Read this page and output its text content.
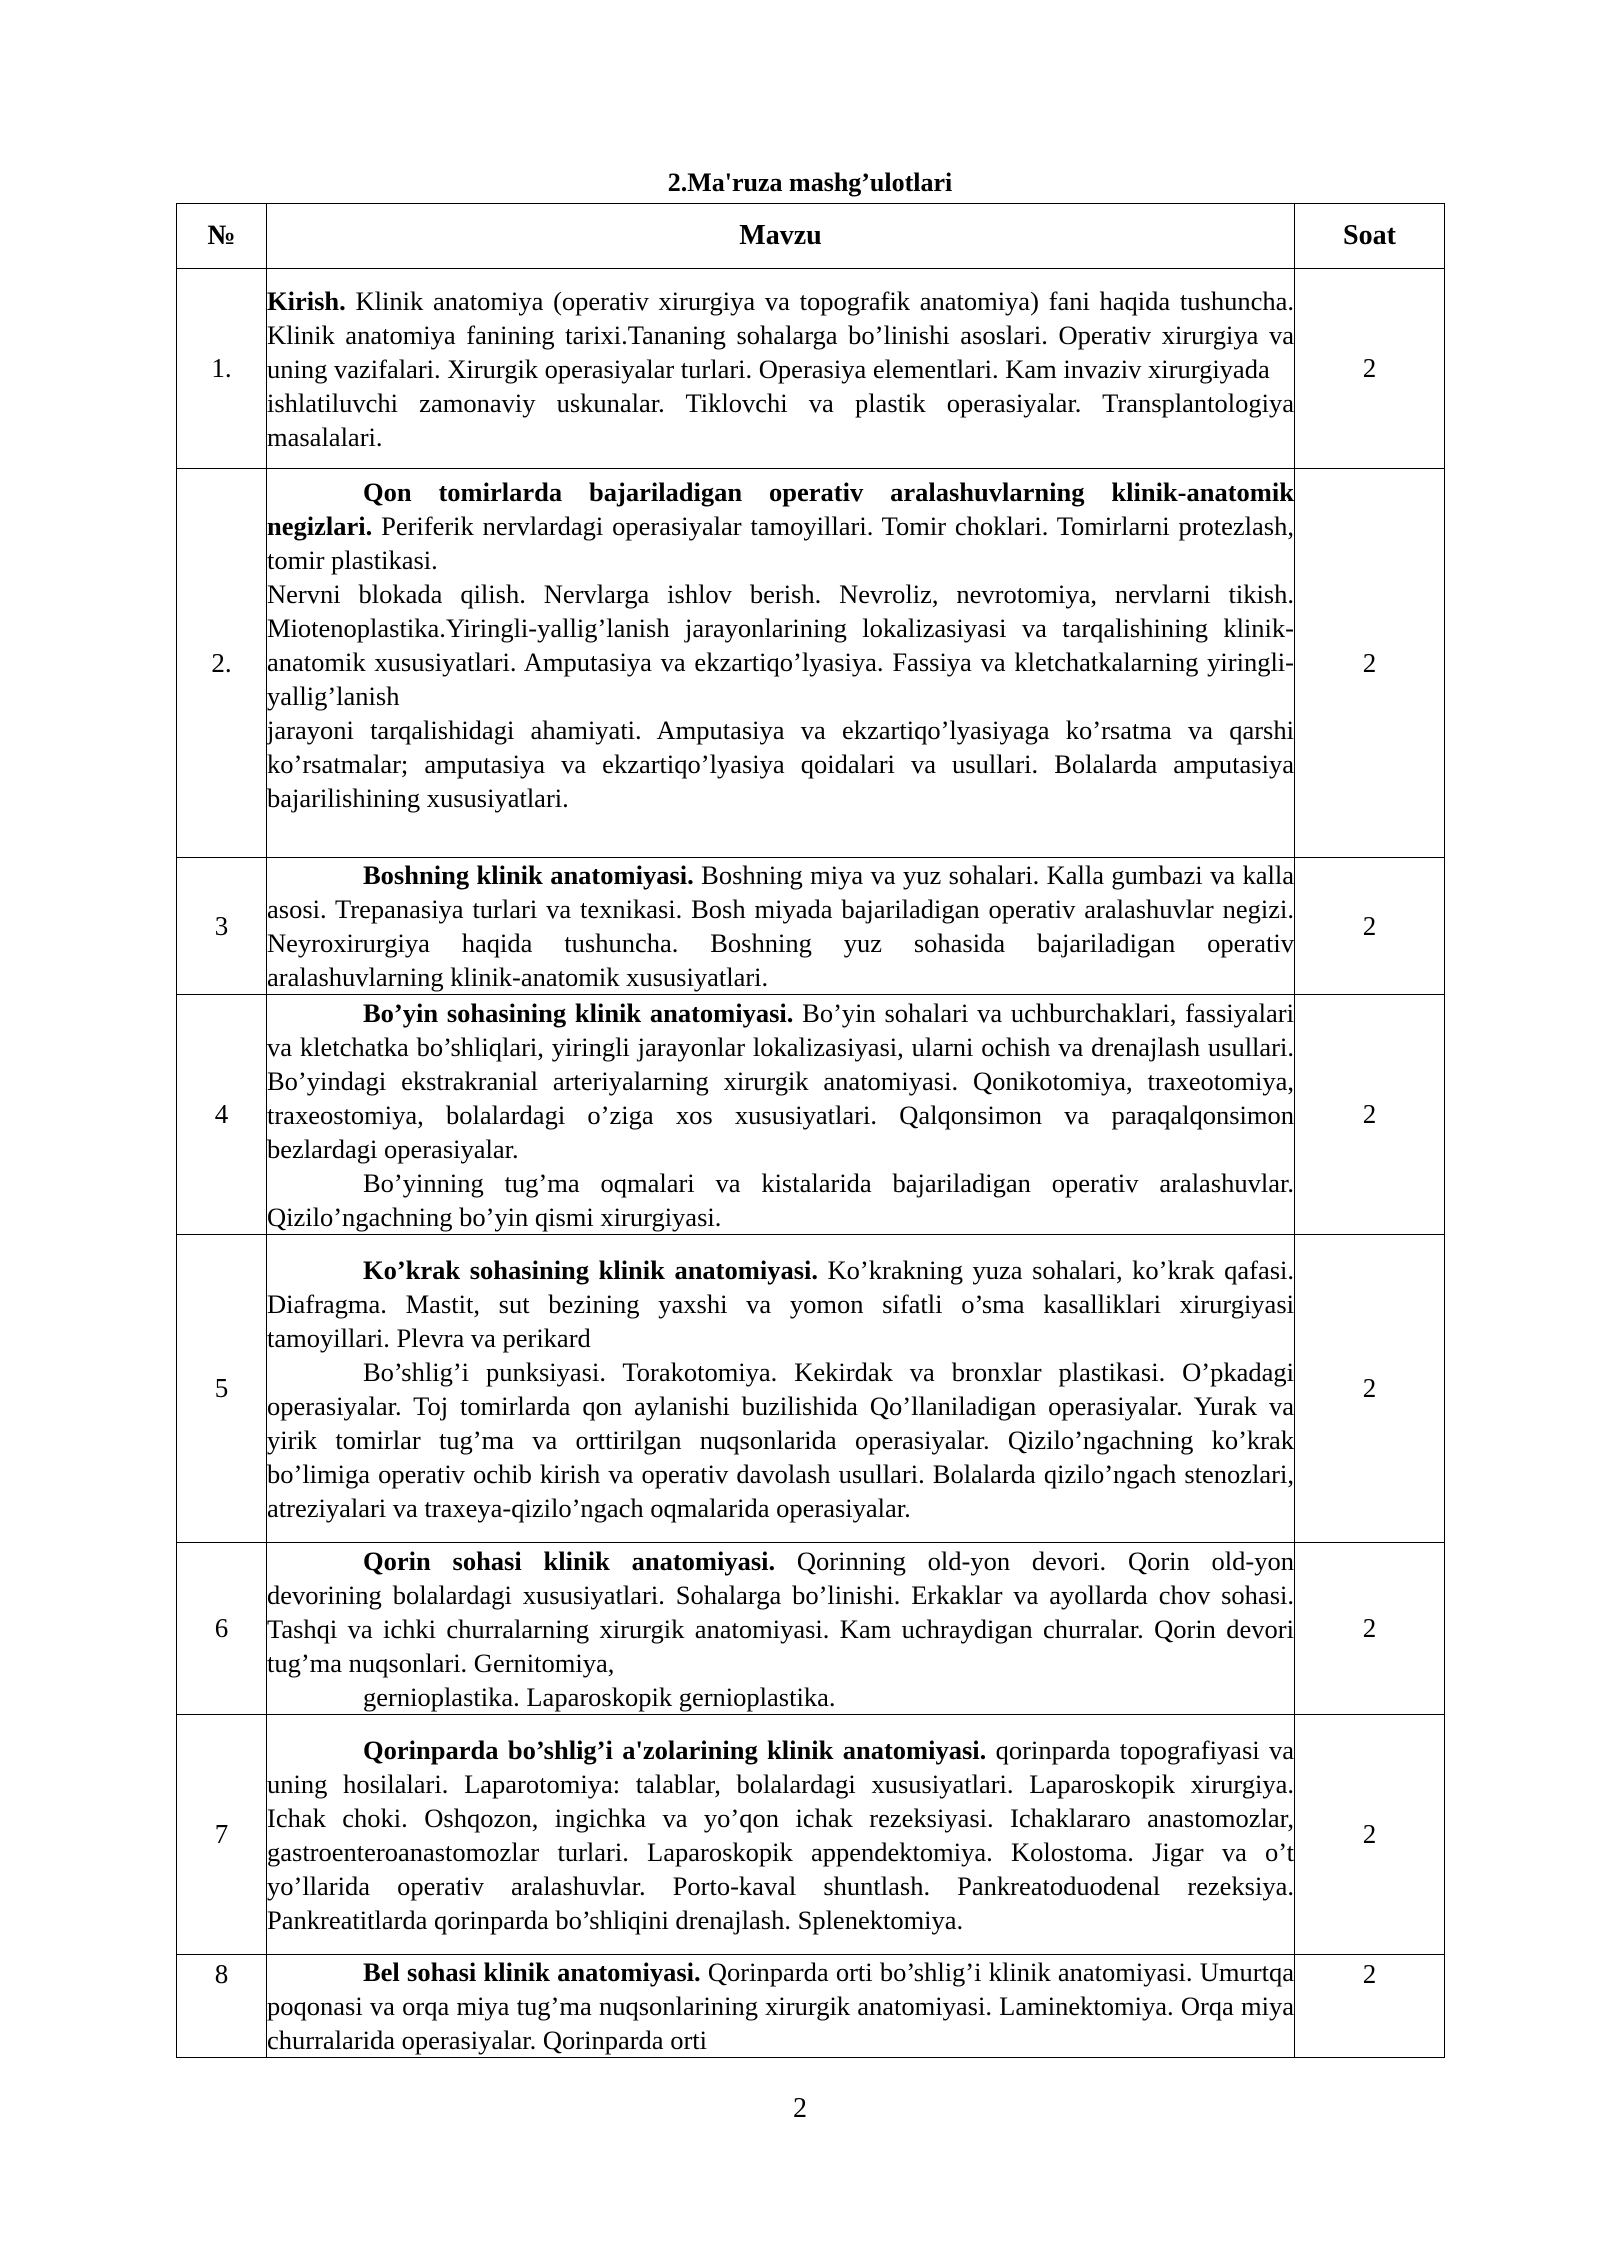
2.Ma'ruza mashg’ulotlari
№	Mavzu	Soat
1.	Kirish. Klinik anatomiya (operativ xirurgiya va topografik anatomiya) fani haqida tushuncha. Klinik anatomiya fanining tarixi.Tananing sohalarga bo’linishi asoslari. Operativ xirurgiya va uning vazifalari. Xirurgik operasiyalar turlari. Operasiya elementlari. Kam invaziv xirurgiyada

ishlatiluvchi zamonaviy uskunalar. Tiklovchi va plastik operasiyalar. Transplantologiya masalalari.	2
2.	Qon tomirlarda bajariladigan operativ aralashuvlarning klinik-anatomik negizlari. Periferik nervlardagi operasiyalar tamoyillari. Tomir choklari. Tomirlarni protezlash, tomir plastikasi.

Nervni blokada qilish. Nervlarga ishlov berish. Nevroliz, nevrotomiya, nervlarni tikish. Miotenoplastika.Yiringli-yallig’lanish jarayonlarining lokalizasiyasi va tarqalishining klinik-anatomik xususiyatlari. Amputasiya va ekzartiqo’lyasiya. Fassiya va kletchatkalarning yiringli-yallig’lanish

jarayoni tarqalishidagi ahamiyati. Amputasiya va ekzartiqo’lyasiyaga ko’rsatma va qarshi ko’rsatmalar; amputasiya va ekzartiqo’lyasiya qoidalari va usullari. Bolalarda amputasiya bajarilishining xususiyatlari.	2
3	Boshning klinik anatomiyasi. Boshning miya va yuz sohalari. Kalla gumbazi va kalla asosi. Trepanasiya turlari va texnikasi. Bosh miyada bajariladigan operativ aralashuvlar negizi. Neyroxirurgiya haqida tushuncha. Boshning yuz sohasida bajariladigan operativ aralashuvlarning klinik-anatomik xususiyatlari.	2
4	Bo’yin sohasining klinik anatomiyasi. Bo’yin sohalari va uchburchaklari, fassiyalari va kletchatka bo’shliqlari, yiringli jarayonlar lokalizasiyasi, ularni ochish va drenajlash usullari. Bo’yindagi ekstrakranial arteriyalarning xirurgik anatomiyasi. Qonikotomiya, traxeotomiya, traxeostomiya, bolalardagi o’ziga xos xususiyatlari. Qalqonsimon va paraqalqonsimon bezlardagi operasiyalar.

Bo’yinning tug’ma oqmalari va kistalarida bajariladigan operativ aralashuvlar. Qizilo’ngachning bo’yin qismi xirurgiyasi.	2
5	Ko’krak sohasining klinik anatomiyasi. Ko’krakning yuza sohalari, ko’krak qafasi. Diafragma. Mastit, sut bezining yaxshi va yomon sifatli o’sma kasalliklari xirurgiyasi tamoyillari. Plevra va perikard

Bo’shlig’i punksiyasi. Torakotomiya. Kekirdak va bronxlar plastikasi. O’pkadagi operasiyalar. Toj tomirlarda qon aylanishi buzilishida Qo’llaniladigan operasiyalar. Yurak va yirik tomirlar tug’ma va orttirilgan nuqsonlarida operasiyalar. Qizilo’ngachning ko’krak bo’limiga operativ ochib kirish va operativ davolash usullari. Bolalarda qizilo’ngach stenozlari, atreziyalari va traxeya-qizilo’ngach oqmalarida operasiyalar.	2
6	Qorin sohasi klinik anatomiyasi. Qorinning old-yon devori. Qorin old-yon devorining bolalardagi xususiyatlari. Sohalarga bo’linishi. Erkaklar va ayollarda chov sohasi. Tashqi va ichki churralarning xirurgik anatomiyasi. Kam uchraydigan churralar. Qorin devori tug’ma nuqsonlari. Gernitomiya,

gernioplastika. Laparoskopik gernioplastika.	2
7	Qorinparda bo’shlig’i a'zolarining klinik anatomiyasi. qorinparda topografiyasi va uning hosilalari. Laparotomiya: talablar, bolalardagi xususiyatlari. Laparoskopik xirurgiya. Ichak choki. Oshqozon, ingichka va yo’qon ichak rezeksiyasi. Ichaklararo anastomozlar, gastroenteroanastomozlar turlari. Laparoskopik appendektomiya. Kolostoma. Jigar va o’t yo’llarida operativ aralashuvlar. Porto-kaval shuntlash. Pankreatoduodenal rezeksiya. Pankreatitlarda qorinparda bo’shliqini drenajlash. Splenektomiya.	2
8	Bel sohasi klinik anatomiyasi. Qorinparda orti bo’shlig’i klinik anatomiyasi. Umurtqa poqonasi va orqa miya tug’ma nuqsonlarining xirurgik anatomiyasi. Laminektomiya. Orqa miya churralarida operasiyalar. Qorinparda orti	2
2
